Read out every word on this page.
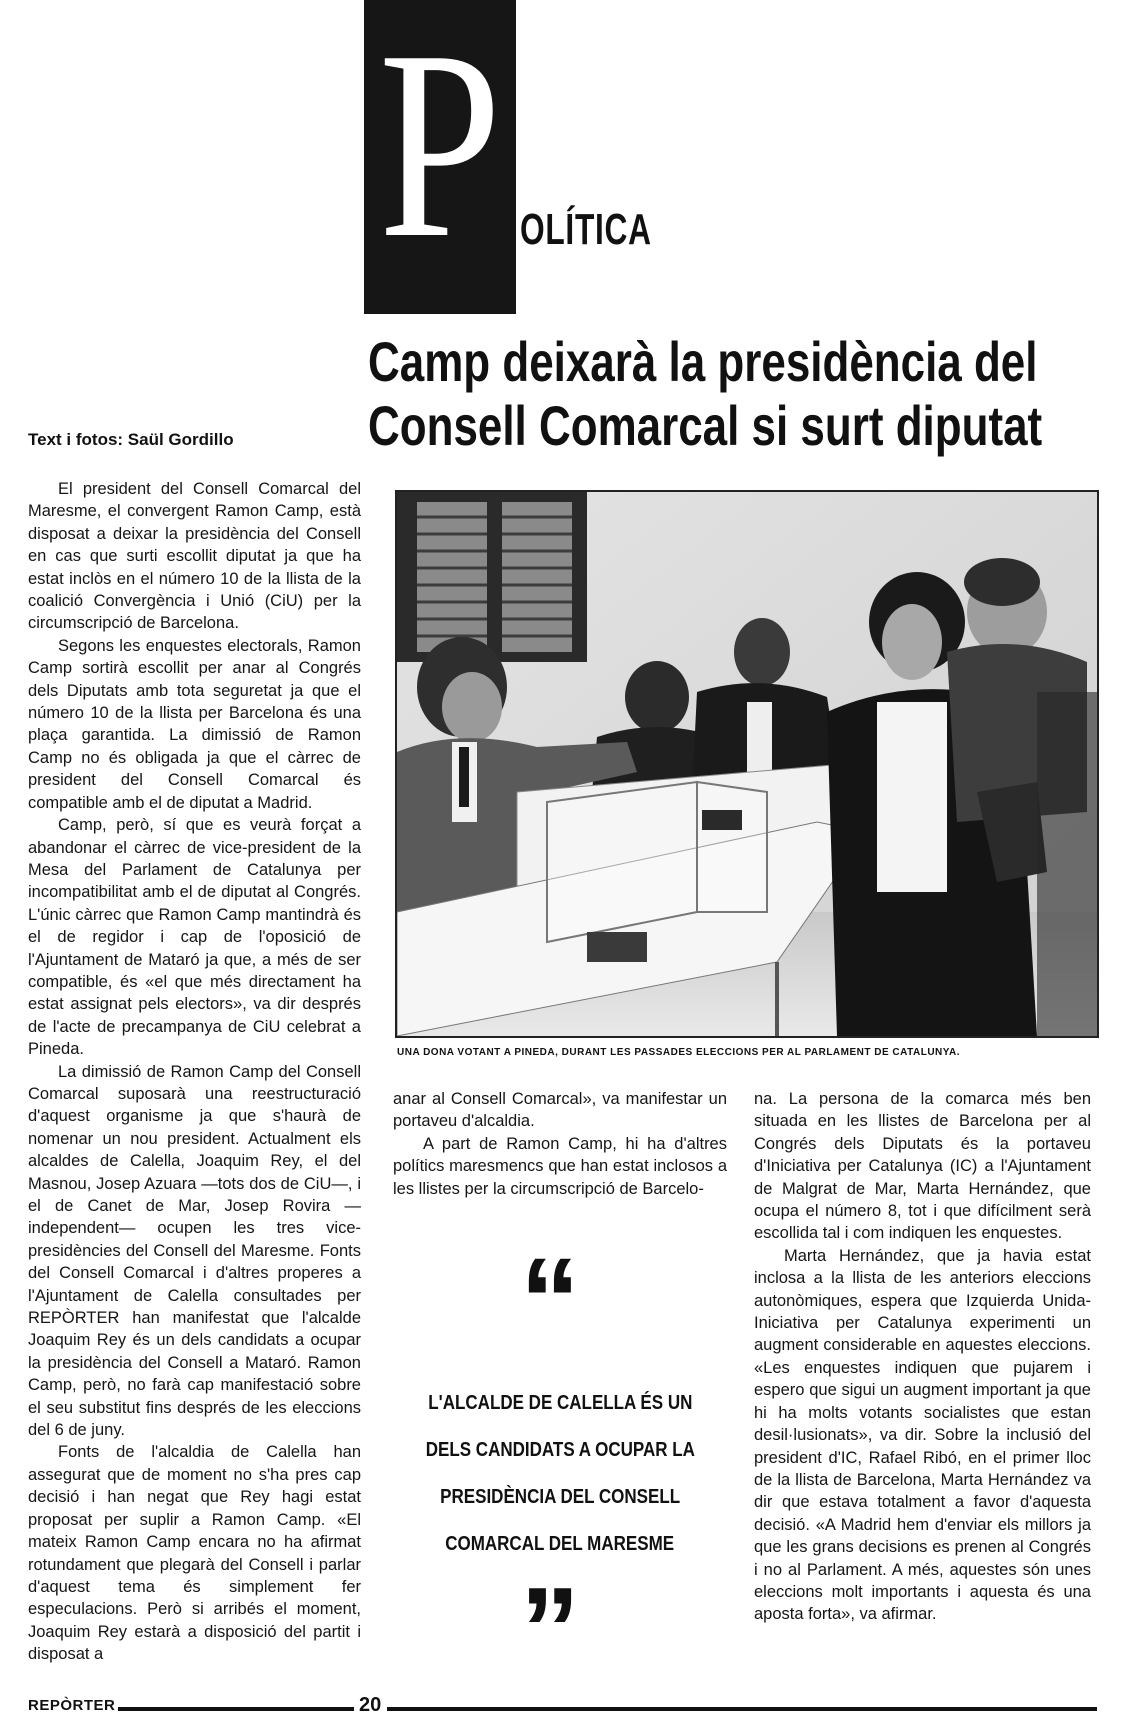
P OLÍTICA
Camp deixarà la presidència del
Consell Comarcal si surt diputat
Text i fotos: Saül Gordillo
UNA DONA VOTANT A PINEDA, DURANT LES PASSADES ELECCIONS PER AL PARLAMENT DE CATALUNYA.

El president del Consell Comarcal del Maresme, el convergent Ramon Camp, està disposat a deixar la presidència del Consell en cas que surti escollit diputat ja que ha estat inclòs en el número 10 de la llista de la coalició Convergència i Unió (CiU) per la circumscripció de Barcelona.

Segons les enquestes electorals, Ramon Camp sortirà escollit per anar al Congrés dels Diputats amb tota seguretat ja que el número 10 de la llista per Barcelona és una plaça garantida. La dimissió de Ramon Camp no és obligada ja que el càrrec de president del Consell Comarcal és compatible amb el de diputat a Madrid.

Camp, però, sí que es veurà forçat a abandonar el càrrec de vice-president de la Mesa del Parlament de Catalunya per incompatibilitat amb el de diputat al Congrés. L'únic càrrec que Ramon Camp mantindrà és el de regidor i cap de l'oposició de l'Ajuntament de Mataró ja que, a més de ser compatible, és «el que més directament ha estat assignat pels electors», va dir després de l'acte de precampanya de CiU celebrat a Pineda.

La dimissió de Ramon Camp del Consell Comarcal suposarà una reestructuració d'aquest organisme ja que s'haurà de nomenar un nou president. Actualment els alcaldes de Calella, Joaquim Rey, el del Masnou, Josep Azuara —tots dos de CiU—, i el de Canet de Mar, Josep Rovira —independent— ocupen les tres vice-presidències del Consell del Maresme. Fonts del Consell Comarcal i d'altres properes a l'Ajuntament de Calella consultades per REPÒRTER han manifestat que l'alcalde Joaquim Rey és un dels candidats a ocupar la presidència del Consell a Mataró. Ramon Camp, però, no farà cap manifestació sobre el seu substitut fins després de les eleccions del 6 de juny.

Fonts de l'alcaldia de Calella han assegurat que de moment no s'ha pres cap decisió i han negat que Rey hagi estat proposat per suplir a Ramon Camp. «El mateix Ramon Camp encara no ha afirmat rotundament que plegarà del Consell i parlar d'aquest tema és simplement fer especulacions. Però si arribés el moment, Joaquim Rey estarà a disposició del partit i disposat a

anar al Consell Comarcal», va manifestar un portaveu d'alcaldia.

A part de Ramon Camp, hi ha d'altres polítics maresmencs que han estat inclosos a les llistes per la circumscripció de Barcelo-

“
L'ALCALDE DE CALELLA ÉS UN
DELS CANDIDATS A OCUPAR LA
PRESIDÈNCIA DEL CONSELL
COMARCAL DEL MARESME
”

na. La persona de la comarca més ben situada en les llistes de Barcelona per al Congrés dels Diputats és la portaveu d'Iniciativa per Catalunya (IC) a l'Ajuntament de Malgrat de Mar, Marta Hernández, que ocupa el número 8, tot i que difícilment serà escollida tal i com indiquen les enquestes.

Marta Hernández, que ja havia estat inclosa a la llista de les anteriors eleccions autonòmiques, espera que Izquierda Unida-Iniciativa per Catalunya experimenti un augment considerable en aquestes eleccions. «Les enquestes indiquen que pujarem i espero que sigui un augment important ja que hi ha molts votants socialistes que estan desil·lusionats», va dir. Sobre la inclusió del president d'IC, Rafael Ribó, en el primer lloc de la llista de Barcelona, Marta Hernández va dir que estava totalment a favor d'aquesta decisió. «A Madrid hem d'enviar els millors ja que les grans decisions es prenen al Congrés i no al Parlament. A més, aquestes són unes eleccions molt importants i aquesta és una aposta forta», va afirmar.

REPÒRTER	20
